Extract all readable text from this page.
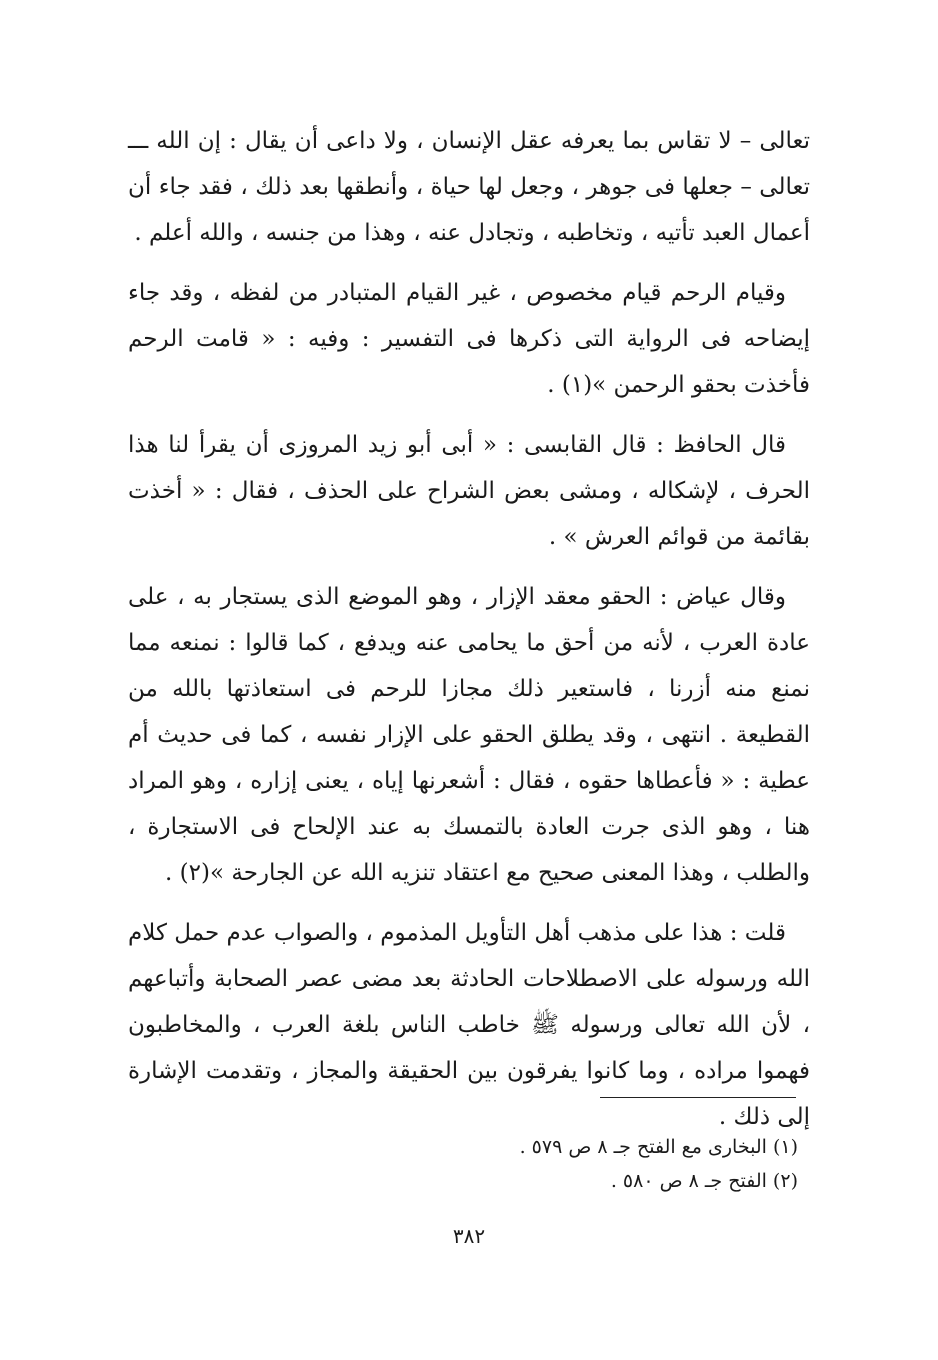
تعالى – لا تقاس بما يعرفه عقل الإنسان ، ولا داعى أن يقال : إن الله ـــ تعالى – جعلها فى جوهر ، وجعل لها حياة ، وأنطقها بعد ذلك ، فقد جاء أن أعمال العبد تأتيه ، وتخاطبه ، وتجادل عنه ، وهذا من جنسه ، والله أعلم .

وقيام الرحم قيام مخصوص ، غير القيام المتبادر من لفظه ، وقد جاء إيضاحه فى الرواية التى ذكرها فى التفسير : وفيه : « قامت الرحم فأخذت بحقو الرحمن »(١) .

قال الحافظ : قال القابسى : « أبى أبو زيد المروزى أن يقرأ لنا هذا الحرف ، لإشكاله ، ومشى بعض الشراح على الحذف ، فقال : « أخذت بقائمة من قوائم العرش » .

وقال عياض : الحقو معقد الإزار ، وهو الموضع الذى يستجار به ، على عادة العرب ، لأنه من أحق ما يحامى عنه ويدفع ، كما قالوا : نمنعه مما نمنع منه أزرنا ، فاستعير ذلك مجازا للرحم فى استعاذتها بالله من القطيعة . انتهى ، وقد يطلق الحقو على الإزار نفسه ، كما فى حديث أم عطية : « فأعطاها حقوه ، فقال : أشعرنها إياه ، يعنى إزاره ، وهو المراد هنا ، وهو الذى جرت العادة بالتمسك به عند الإلحاح فى الاستجارة ، والطلب ، وهذا المعنى صحيح مع اعتقاد تنزيه الله عن الجارحة »(٢) .

قلت : هذا على مذهب أهل التأويل المذموم ، والصواب عدم حمل كلام الله ورسوله على الاصطلاحات الحادثة بعد مضى عصر الصحابة وأتباعهم ، لأن الله تعالى ورسوله ﷺ خاطب الناس بلغة العرب ، والمخاطبون فهموا مراده ، وما كانوا يفرقون بين الحقيقة والمجاز ، وتقدمت الإشارة إلى ذلك .

(١) البخارى مع الفتح جـ ٨ ص ٥٧٩ .

(٢) الفتح جـ ٨ ص ٥٨٠ .

٣٨٢
